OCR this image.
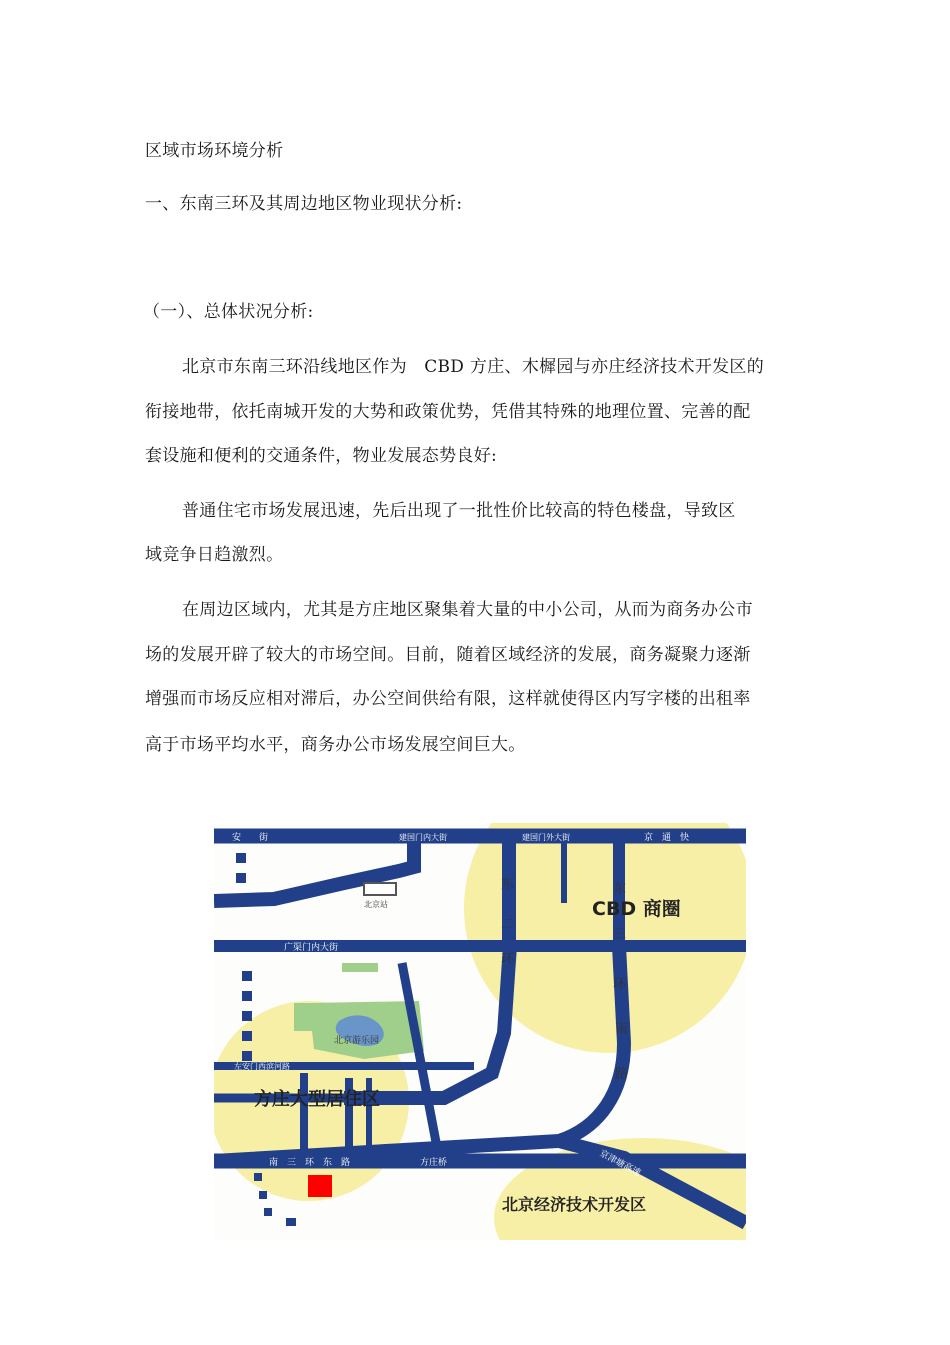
区域市场环境分析
一、东南三环及其周边地区物业现状分析:
（一）、总体状况分析:
北京市东南三环沿线地区作为　CBD 方庄、木樨园与亦庄经济技术开发区的
衔接地带，依托南城开发的大势和政策优势，凭借其特殊的地理位置、完善的配
套设施和便利的交通条件，物业发展态势良好:
普通住宅市场发展迅速，先后出现了一批性价比较高的特色楼盘，导致区
域竞争日趋激烈。
在周边区域内，尤其是方庄地区聚集着大量的中小公司，从而为商务办公市
场的发展开辟了较大的市场空间。目前，随着区域经济的发展，商务凝聚力逐渐
增强而市场反应相对滞后，办公空间供给有限，这样就使得区内写字楼的出租率
高于市场平均水平，商务办公市场发展空间巨大。
CBD 商圈
方庄大型居住区
北京经济技术开发区
安　　街	建国门内大街	建国门外大街	京　通　快
广渠门内大街
左安门西滨河路
南　三　环　东　路	方庄桥
北京站
北京游乐园
京津塘高速
东
二
环
东
三
环
南
路
